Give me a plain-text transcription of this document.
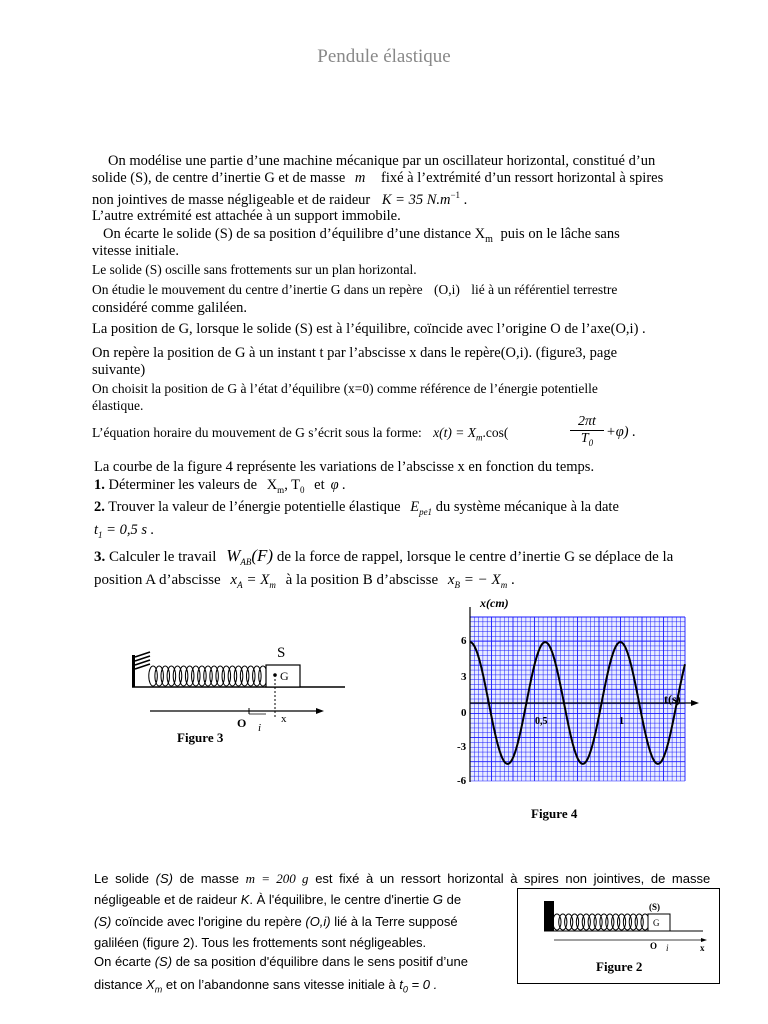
Pendule élastique
On modélise une partie d’une machine mécanique par un oscillateur horizontal, constitué d’un
solide (S), de centre d’inertie G et de masse m fixé à l’extrémité d’un ressort horizontal à spires
non jointives de masse négligeable et de raideur K = 35 $N.m^{-1}$ .
L’autre extrémité est attachée à un support immobile.
On écarte le solide (S) de sa position d’équilibre d’une distance $X_m$ puis on le lâche sans
vitesse initiale.
Le solide (S) oscille sans frottements sur un plan horizontal.
On étudie le mouvement du centre d’inertie G dans un repère (O,i) lié à un référentiel terrestre
considéré comme galiléen.
La position de G, lorsque le solide (S) est à l’équilibre, coïncide avec l’origine O de l’axe(O,i) .
On repère la position de G à un instant t par l’abscisse x dans le repère(O,i). (figure3, page
suivante)
On choisit la position de G à l’état d’équilibre (x=0) comme référence de l’énergie potentielle
élastique.
L’équation horaire du mouvement de G s’écrit sous la forme: $x(t) = X_m.\cos$(
2πt
$T_0$
+φ) .
La courbe de la figure 4 représente les variations de l’abscisse x en fonction du temps.
1. Déterminer les valeurs de $X_m$, $T_0$ et φ .
2. Trouver la valeur de l’énergie potentielle élastique $E_{pe1}$ du système mécanique à la date
$t_1 = 0,5$ s .
3. Calculer le travail $W_{AB}(F)$ de la force de rappel, lorsque le centre d’inertie G se déplace de la
position A d’abscisse $x_A = X_m$ à la position B d’abscisse $x_B$ = − $X_m$ .
S
G
O i
x
Figure 3
x(cm)
t(s)
6
3
0
-3
-6
0,5	1
Figure 4
Le solide (S) de masse m = 200 g est fixé à un ressort horizontal à spires non jointives, de masse
négligeable et de raideur K. À l'équilibre, le centre d'inertie G de
(S) coïncide avec l'origine du repère (O,i) lié à la Terre supposé
galiléen (figure 2). Tous les frottements sont négligeables.
On écarte (S) de sa position d'équilibre dans le sens positif d’une
distance $X_m$ et on l’abandonne sans vitesse initiale à $t_0 = 0$ .
G
(S)
O i	x
Figure 2
